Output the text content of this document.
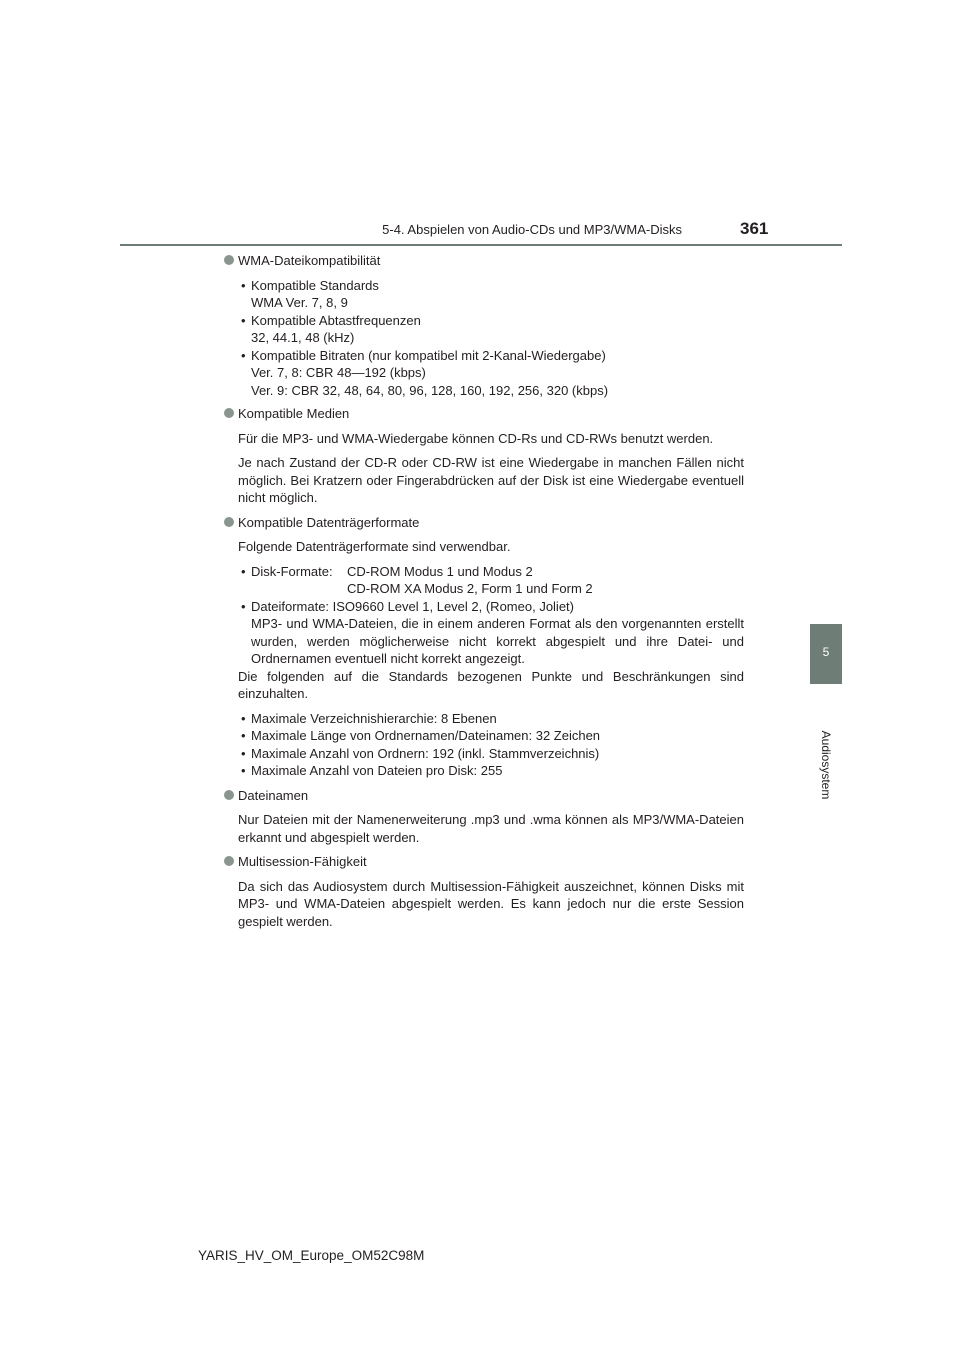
5-4. Abspielen von Audio-CDs und MP3/WMA-Disks	361
5
Audiosystem
WMA-Dateikompatibilität
• Kompatible Standards
WMA Ver. 7, 8, 9
• Kompatible Abtastfrequenzen
32, 44.1, 48 (kHz)
• Kompatible Bitraten (nur kompatibel mit 2-Kanal-Wiedergabe)
Ver. 7, 8: CBR 48—192 (kbps)
Ver. 9: CBR 32, 48, 64, 80, 96, 128, 160, 192, 256, 320 (kbps)
Kompatible Medien

Für die MP3- und WMA-Wiedergabe können CD-Rs und CD-RWs benutzt werden.

Je nach Zustand der CD-R oder CD-RW ist eine Wiedergabe in manchen Fällen nicht möglich. Bei Kratzern oder Fingerabdrücken auf der Disk ist eine Wiedergabe eventuell nicht möglich.

Kompatible Datenträgerformate

Folgende Datenträgerformate sind verwendbar.

• Disk-Formate:	CD-ROM Modus 1 und Modus 2
CD-ROM XA Modus 2, Form 1 und Form 2
• Dateiformate: ISO9660 Level 1, Level 2, (Romeo, Joliet)
MP3- und WMA-Dateien, die in einem anderen Format als den vorgenannten erstellt wurden, werden möglicherweise nicht korrekt abgespielt und ihre Datei- und Ordnernamen eventuell nicht korrekt angezeigt.

Die folgenden auf die Standards bezogenen Punkte und Beschränkungen sind einzuhalten.

• Maximale Verzeichnishierarchie: 8 Ebenen
• Maximale Länge von Ordnernamen/Dateinamen: 32 Zeichen
• Maximale Anzahl von Ordnern: 192 (inkl. Stammverzeichnis)
• Maximale Anzahl von Dateien pro Disk: 255
Dateinamen

Nur Dateien mit der Namenerweiterung .mp3 und .wma können als MP3/WMA-Dateien erkannt und abgespielt werden.

Multisession-Fähigkeit

Da sich das Audiosystem durch Multisession-Fähigkeit auszeichnet, können Disks mit MP3- und WMA-Dateien abgespielt werden. Es kann jedoch nur die erste Session gespielt werden.

YARIS_HV_OM_Europe_OM52C98M
